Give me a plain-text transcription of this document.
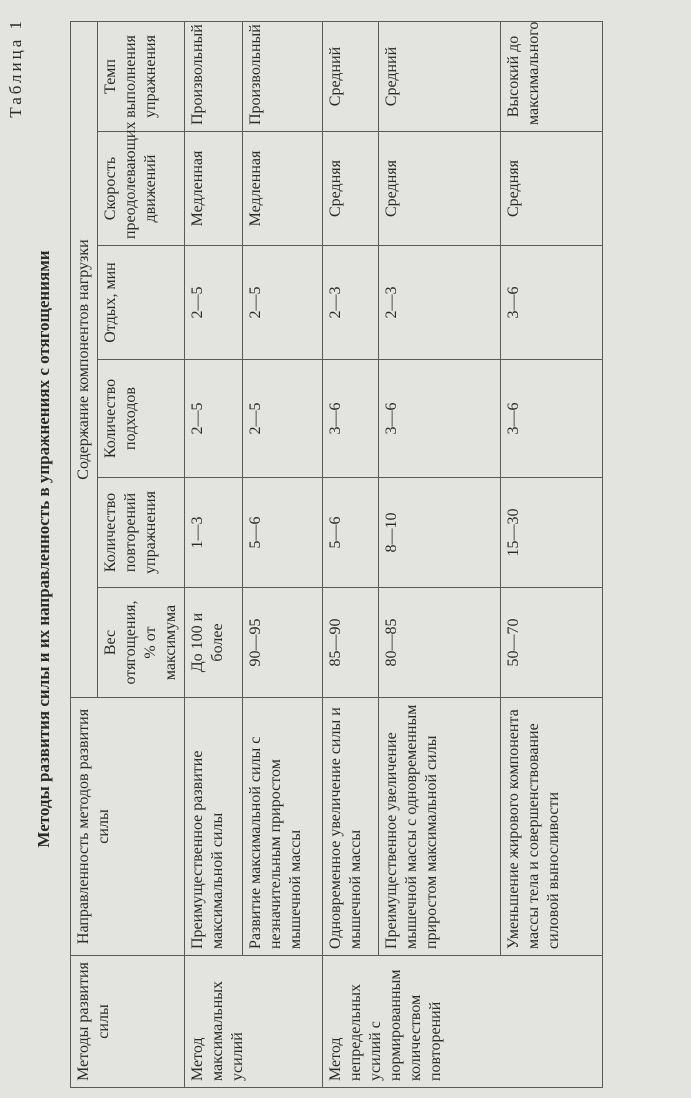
Таблица 1
Методы развития силы и их направленность в упражнениях с отягощениями
Методы развития силы	Направленность методов развития силы	Содержание компонентов нагрузки					
		Вес отягощения, % от максимума	Количество повторений упражнения	Количество подходов	Отдых, мин	Скорость преодолевающих движений	Темп выполнения упражнения
Метод максимальных усилий	Преимущественное развитие максимальной силы	До 100 и более	1—3	2—5	2—5	Медленная	Произвольный
	Развитие максимальной силы с незначительным приростом мышечной массы	90—95	5—6	2—5	2—5	Медленная	Произвольный
Метод непредельных усилий с нормированным количеством повторений	Одновременное увеличение силы и мышечной массы	85—90	5—6	3—6	2—3	Средняя	Средний
	Преимущественное увеличение мышечной массы с одновременным приростом максимальной силы	80—85	8—10	3—6	2—3	Средняя	Средний
	Уменьшение жирового компонента массы тела и совершенствование силовой выносливости	50—70	15—30	3—6	3—6	Средняя	Высокий до максимального
